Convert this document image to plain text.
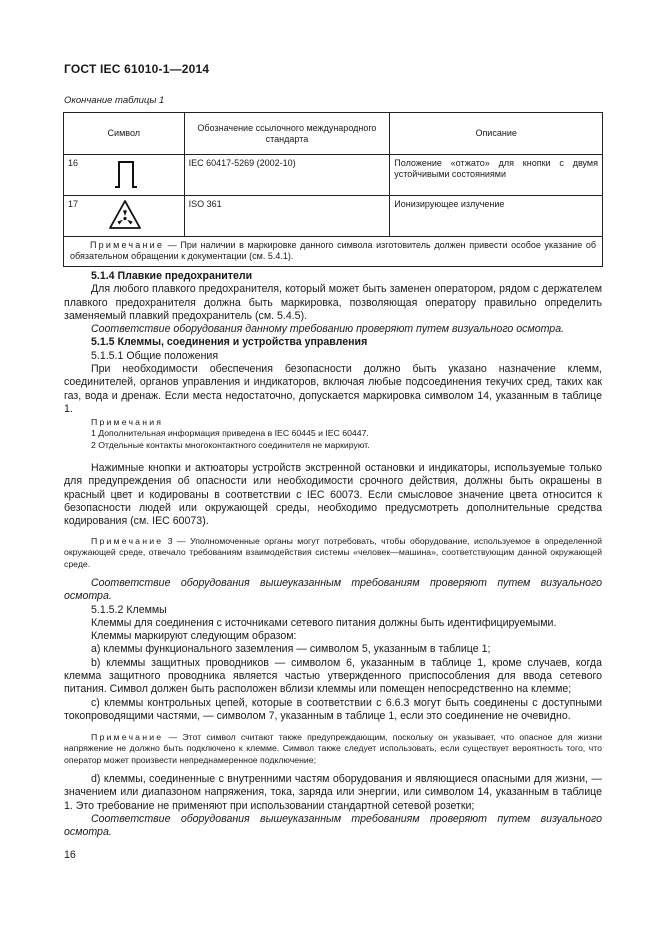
ГОСТ IEC 61010-1—2014
Окончание таблицы 1
Символ	Обозначение ссылочного международного стандарта	Описание

16	IEC 60417-5269 (2002-10)	Положение «отжато» для кнопки с двумя устойчивыми состояниями

17	ISO 361	Ионизирующее излучение
Примечание — При наличии в маркировке данного символа изготовитель должен привести особое указание об обязательном обращении к документации (см. 5.4.1).		

5.1.4 Плавкие предохранители

Для любого плавкого предохранителя, который может быть заменен оператором, рядом с держателем плавкого предохранителя должна быть маркировка, позволяющая оператору правильно определить заменяемый плавкий предохранитель (см. 5.4.5).

Соответствие оборудования данному требованию проверяют путем визуального осмотра.

5.1.5 Клеммы, соединения и устройства управления

5.1.5.1 Общие положения

При необходимости обеспечения безопасности должно быть указано назначение клемм, соединителей, органов управления и индикаторов, включая любые подсоединения текучих сред, таких как газ, вода и дренаж. Если места недостаточно, допускается маркировка символом 14, указанным в таблице 1.

Примечания

1 Дополнительная информация приведена в IEC 60445 и IEC 60447.

2 Отдельные контакты многоконтактного соединителя не маркируют.

Нажимные кнопки и актюаторы устройств экстренной остановки и индикаторы, используемые только для предупреждения об опасности или необходимости срочного действия, должны быть окрашены в красный цвет и кодированы в соответствии с IEC 60073. Если смысловое значение цвета относится к безопасности людей или окружающей среды, необходимо предусмотреть дополнительные средства кодирования (см. IEC 60073).

Примечание 3 — Уполномоченные органы могут потребовать, чтобы оборудование, используемое в определенной окружающей среде, отвечало требованиям взаимодействия системы «человек—машина», соответствующим данной окружающей среде.

Соответствие оборудования вышеуказанным требованиям проверяют путем визуального осмотра.

5.1.5.2 Клеммы

Клеммы для соединения с источниками сетевого питания должны быть идентифицируемыми.

Клеммы маркируют следующим образом:

a) клеммы функционального заземления — символом 5, указанным в таблице 1;

b) клеммы защитных проводников — символом 6, указанным в таблице 1, кроме случаев, когда клемма защитного проводника является частью утвержденного приспособления для ввода сетевого питания. Символ должен быть расположен вблизи клеммы или помещен непосредственно на клемме;

c) клеммы контрольных цепей, которые в соответствии с 6.6.3 могут быть соединены с доступными токопроводящими частями, — символом 7, указанным в таблице 1, если это соединение не очевидно.

Примечание — Этот символ считают также предупреждающим, поскольку он указывает, что опасное для жизни напряжение не должно быть подключено к клемме. Символ также следует использовать, если существует вероятность того, что оператор может произвести непреднамеренное подключение;

d) клеммы, соединенные с внутренними частям оборудования и являющиеся опасными для жизни, — значением или диапазоном напряжения, тока, заряда или энергии, или символом 14, указанным в таблице 1. Это требование не применяют при использовании стандартной сетевой розетки;

Соответствие оборудования вышеуказанным требованиям проверяют путем визуального осмотра.

16
